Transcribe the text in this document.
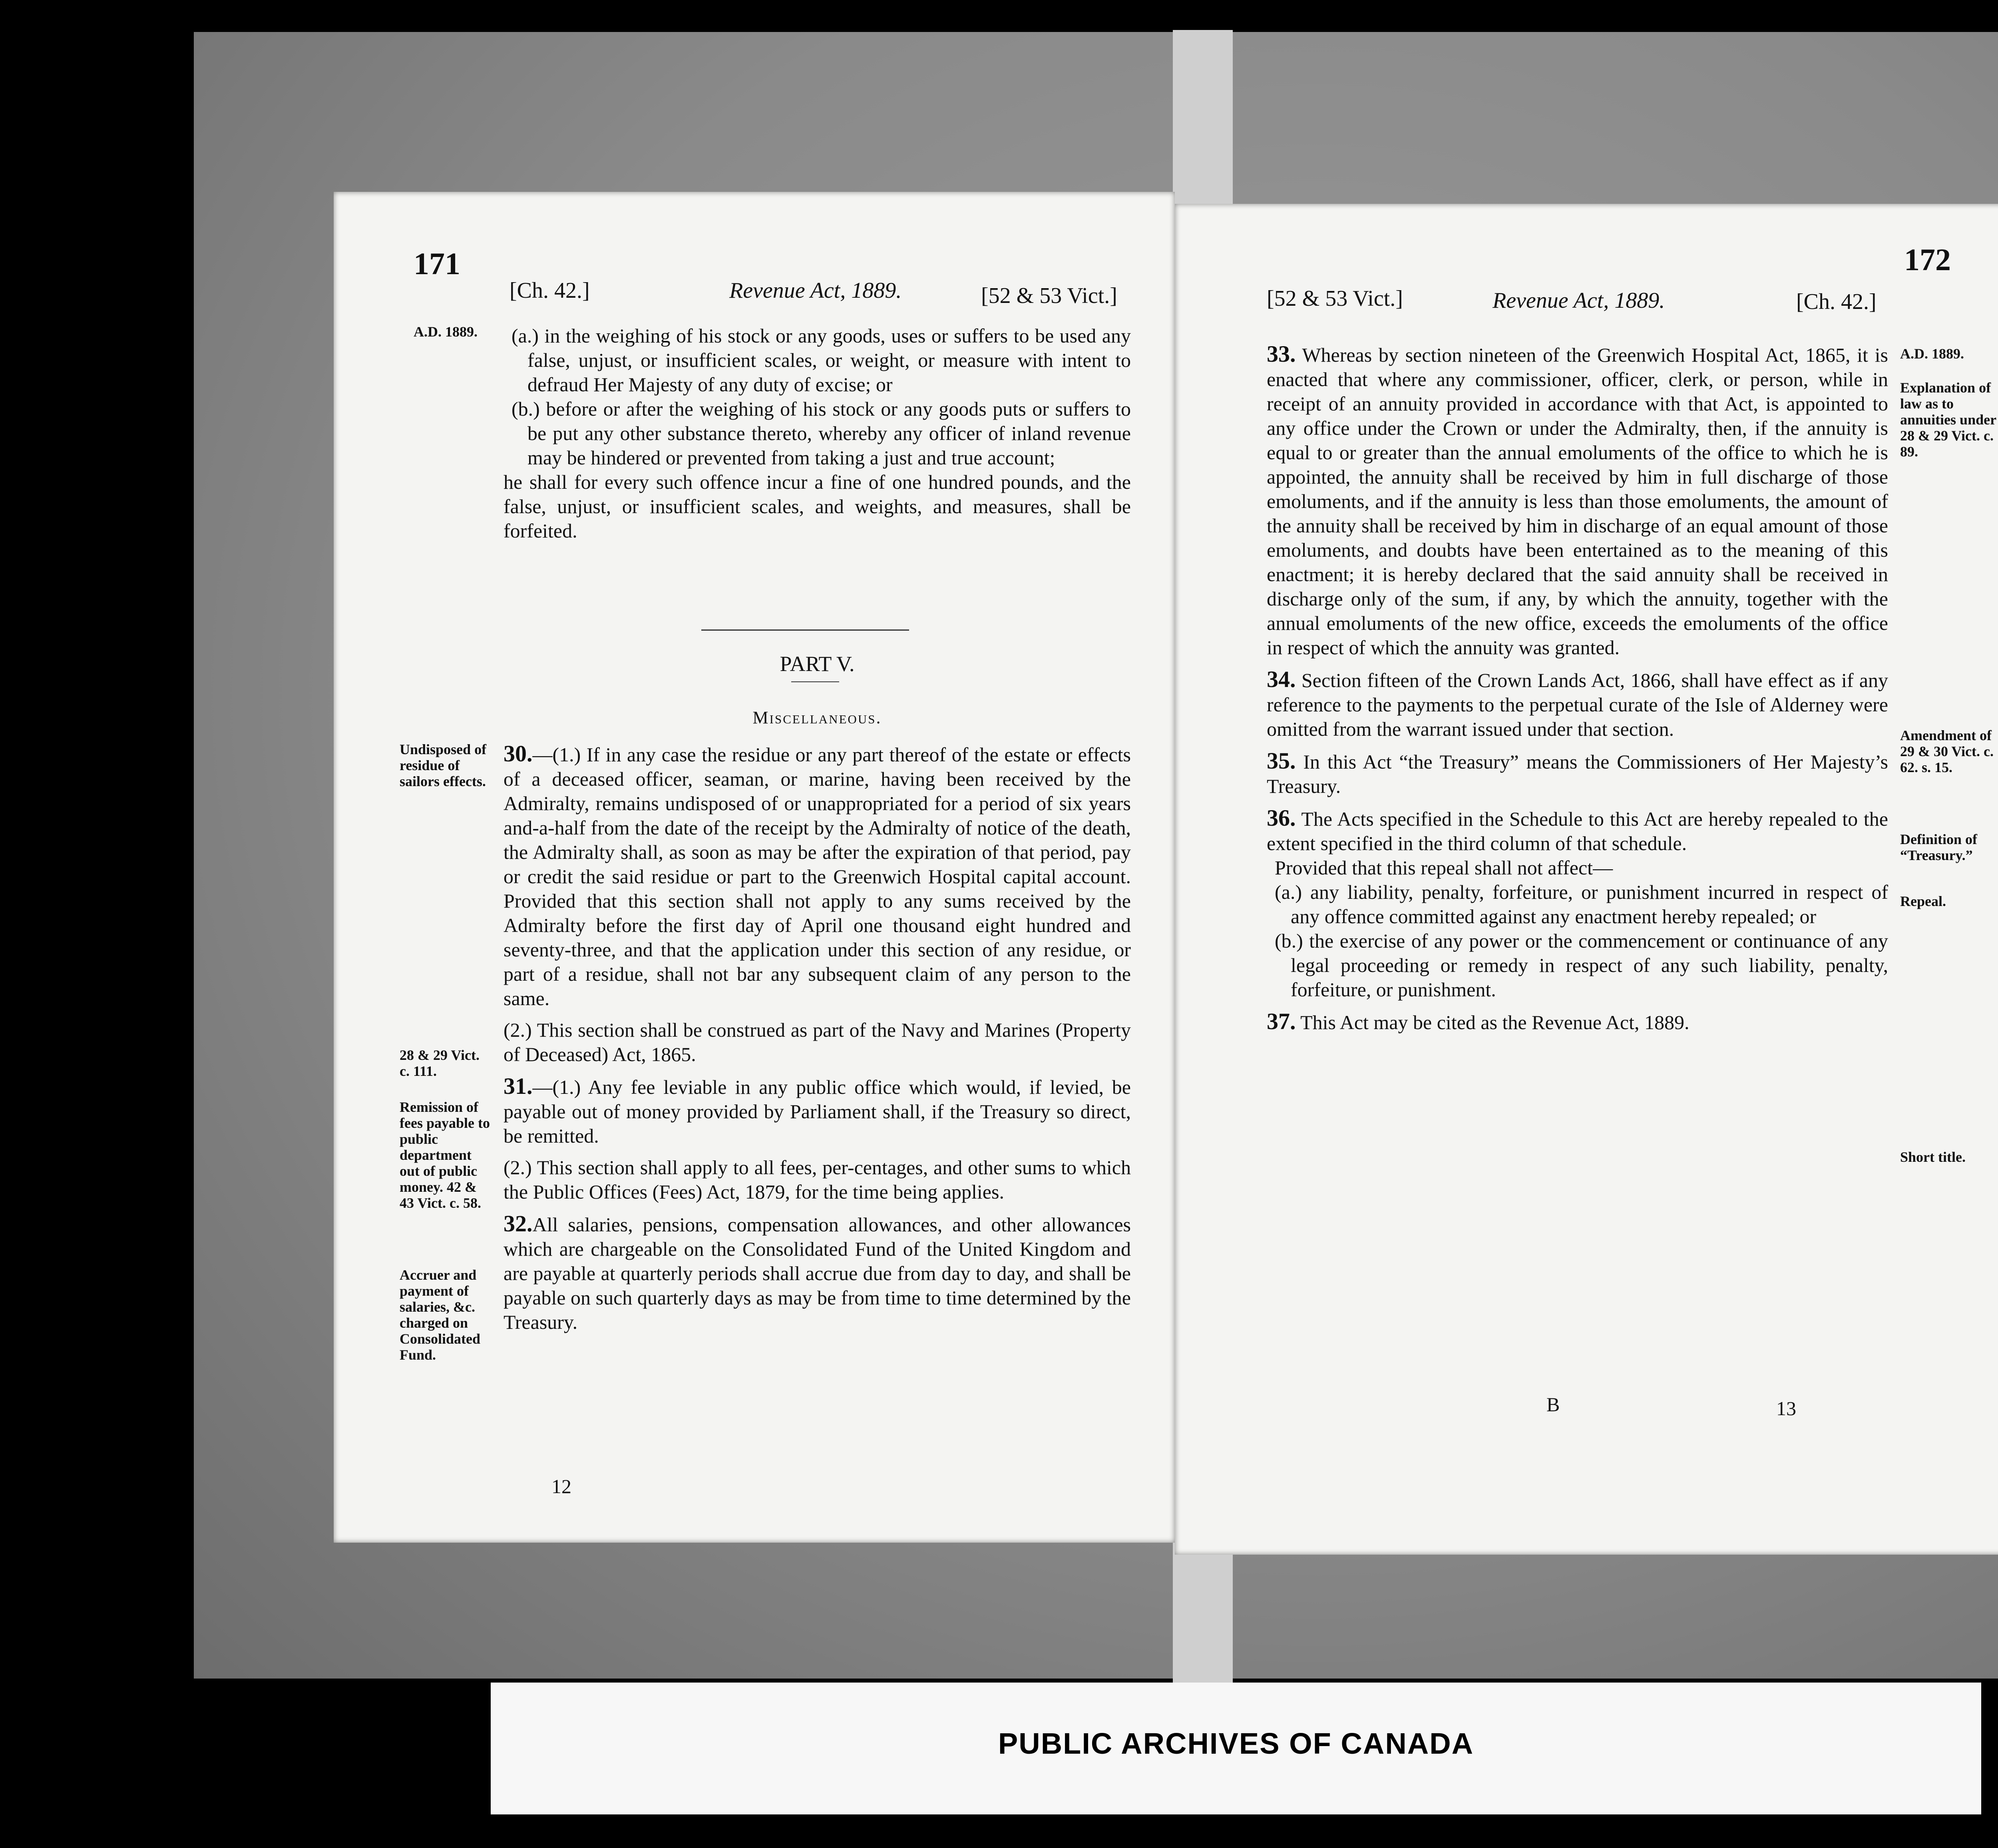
171
[Ch. 42.]	Revenue Act, 1889.	[52 & 53 Vict.]
A.D. 1889.	(a.) in the weighing of his stock or any goods, uses or suffers to be used any false, unjust, or insufficient scales, or weight, or measure with intent to defraud Her Majesty of any duty of excise; or

(b.) before or after the weighing of his stock or any goods puts or suffers to be put any other substance thereto, whereby any officer of inland revenue may be hindered or prevented from taking a just and true account;

he shall for every such offence incur a fine of one hundred pounds, and the false, unjust, or insufficient scales, and weights, and measures, shall be forfeited.

PART V.
Miscellaneous.
Undisposed of residue of sailors effects.
28 & 29 Vict. c. 111.
Remission of fees payable to public department out of public money. 42 & 43 Vict. c. 58.
Accruer and payment of salaries, &c. charged on Consolidated Fund.

30.—(1.) If in any case the residue or any part thereof of the estate or effects of a deceased officer, seaman, or marine, having been received by the Admiralty, remains undisposed of or unappropriated for a period of six years and-a-half from the date of the receipt by the Admiralty of notice of the death, the Admiralty shall, as soon as may be after the expiration of that period, pay or credit the said residue or part to the Greenwich Hospital capital account. Provided that this section shall not apply to any sums received by the Admiralty before the first day of April one thousand eight hundred and seventy-three, and that the application under this section of any residue, or part of a residue, shall not bar any subsequent claim of any person to the same.

(2.) This section shall be construed as part of the Navy and Marines (Property of Deceased) Act, 1865.

31.—(1.) Any fee leviable in any public office which would, if levied, be payable out of money provided by Parliament shall, if the Treasury so direct, be remitted.

(2.) This section shall apply to all fees, per-centages, and other sums to which the Public Offices (Fees) Act, 1879, for the time being applies.

32.All salaries, pensions, compensation allowances, and other allowances which are chargeable on the Consolidated Fund of the United Kingdom and are payable at quarterly periods shall accrue due from day to day, and shall be payable on such quarterly days as may be from time to time determined by the Treasury.

12
172
[52 & 53 Vict.]	Revenue Act, 1889.	[Ch. 42.]
A.D. 1889.
Explanation of law as to annuities under 28 & 29 Vict. c. 89.
Amendment of 29 & 30 Vict. c. 62. s. 15.
Definition of “Treasury.”
Repeal.
Short title.

33. Whereas by section nineteen of the Greenwich Hospital Act, 1865, it is enacted that where any commissioner, officer, clerk, or person, while in receipt of an annuity provided in accordance with that Act, is appointed to any office under the Crown or under the Admiralty, then, if the annuity is equal to or greater than the annual emoluments of the office to which he is appointed, the annuity shall be received by him in full discharge of those emoluments, and if the annuity is less than those emoluments, the amount of the annuity shall be received by him in discharge of an equal amount of those emoluments, and doubts have been entertained as to the meaning of this enactment; it is hereby declared that the said annuity shall be received in discharge only of the sum, if any, by which the annuity, together with the annual emoluments of the new office, exceeds the emoluments of the office in respect of which the annuity was granted.

34. Section fifteen of the Crown Lands Act, 1866, shall have effect as if any reference to the payments to the perpetual curate of the Isle of Alderney were omitted from the warrant issued under that section.

35. In this Act “the Treasury” means the Commissioners of Her Majesty’s Treasury.

36. The Acts specified in the Schedule to this Act are hereby repealed to the extent specified in the third column of that schedule.

Provided that this repeal shall not affect—

(a.) any liability, penalty, forfeiture, or punishment incurred in respect of any offence committed against any enactment hereby repealed; or

(b.) the exercise of any power or the commencement or continuance of any legal proceeding or remedy in respect of any such liability, penalty, forfeiture, or punishment.

37. This Act may be cited as the Revenue Act, 1889.

B	13
PUBLIC ARCHIVES OF CANADA
